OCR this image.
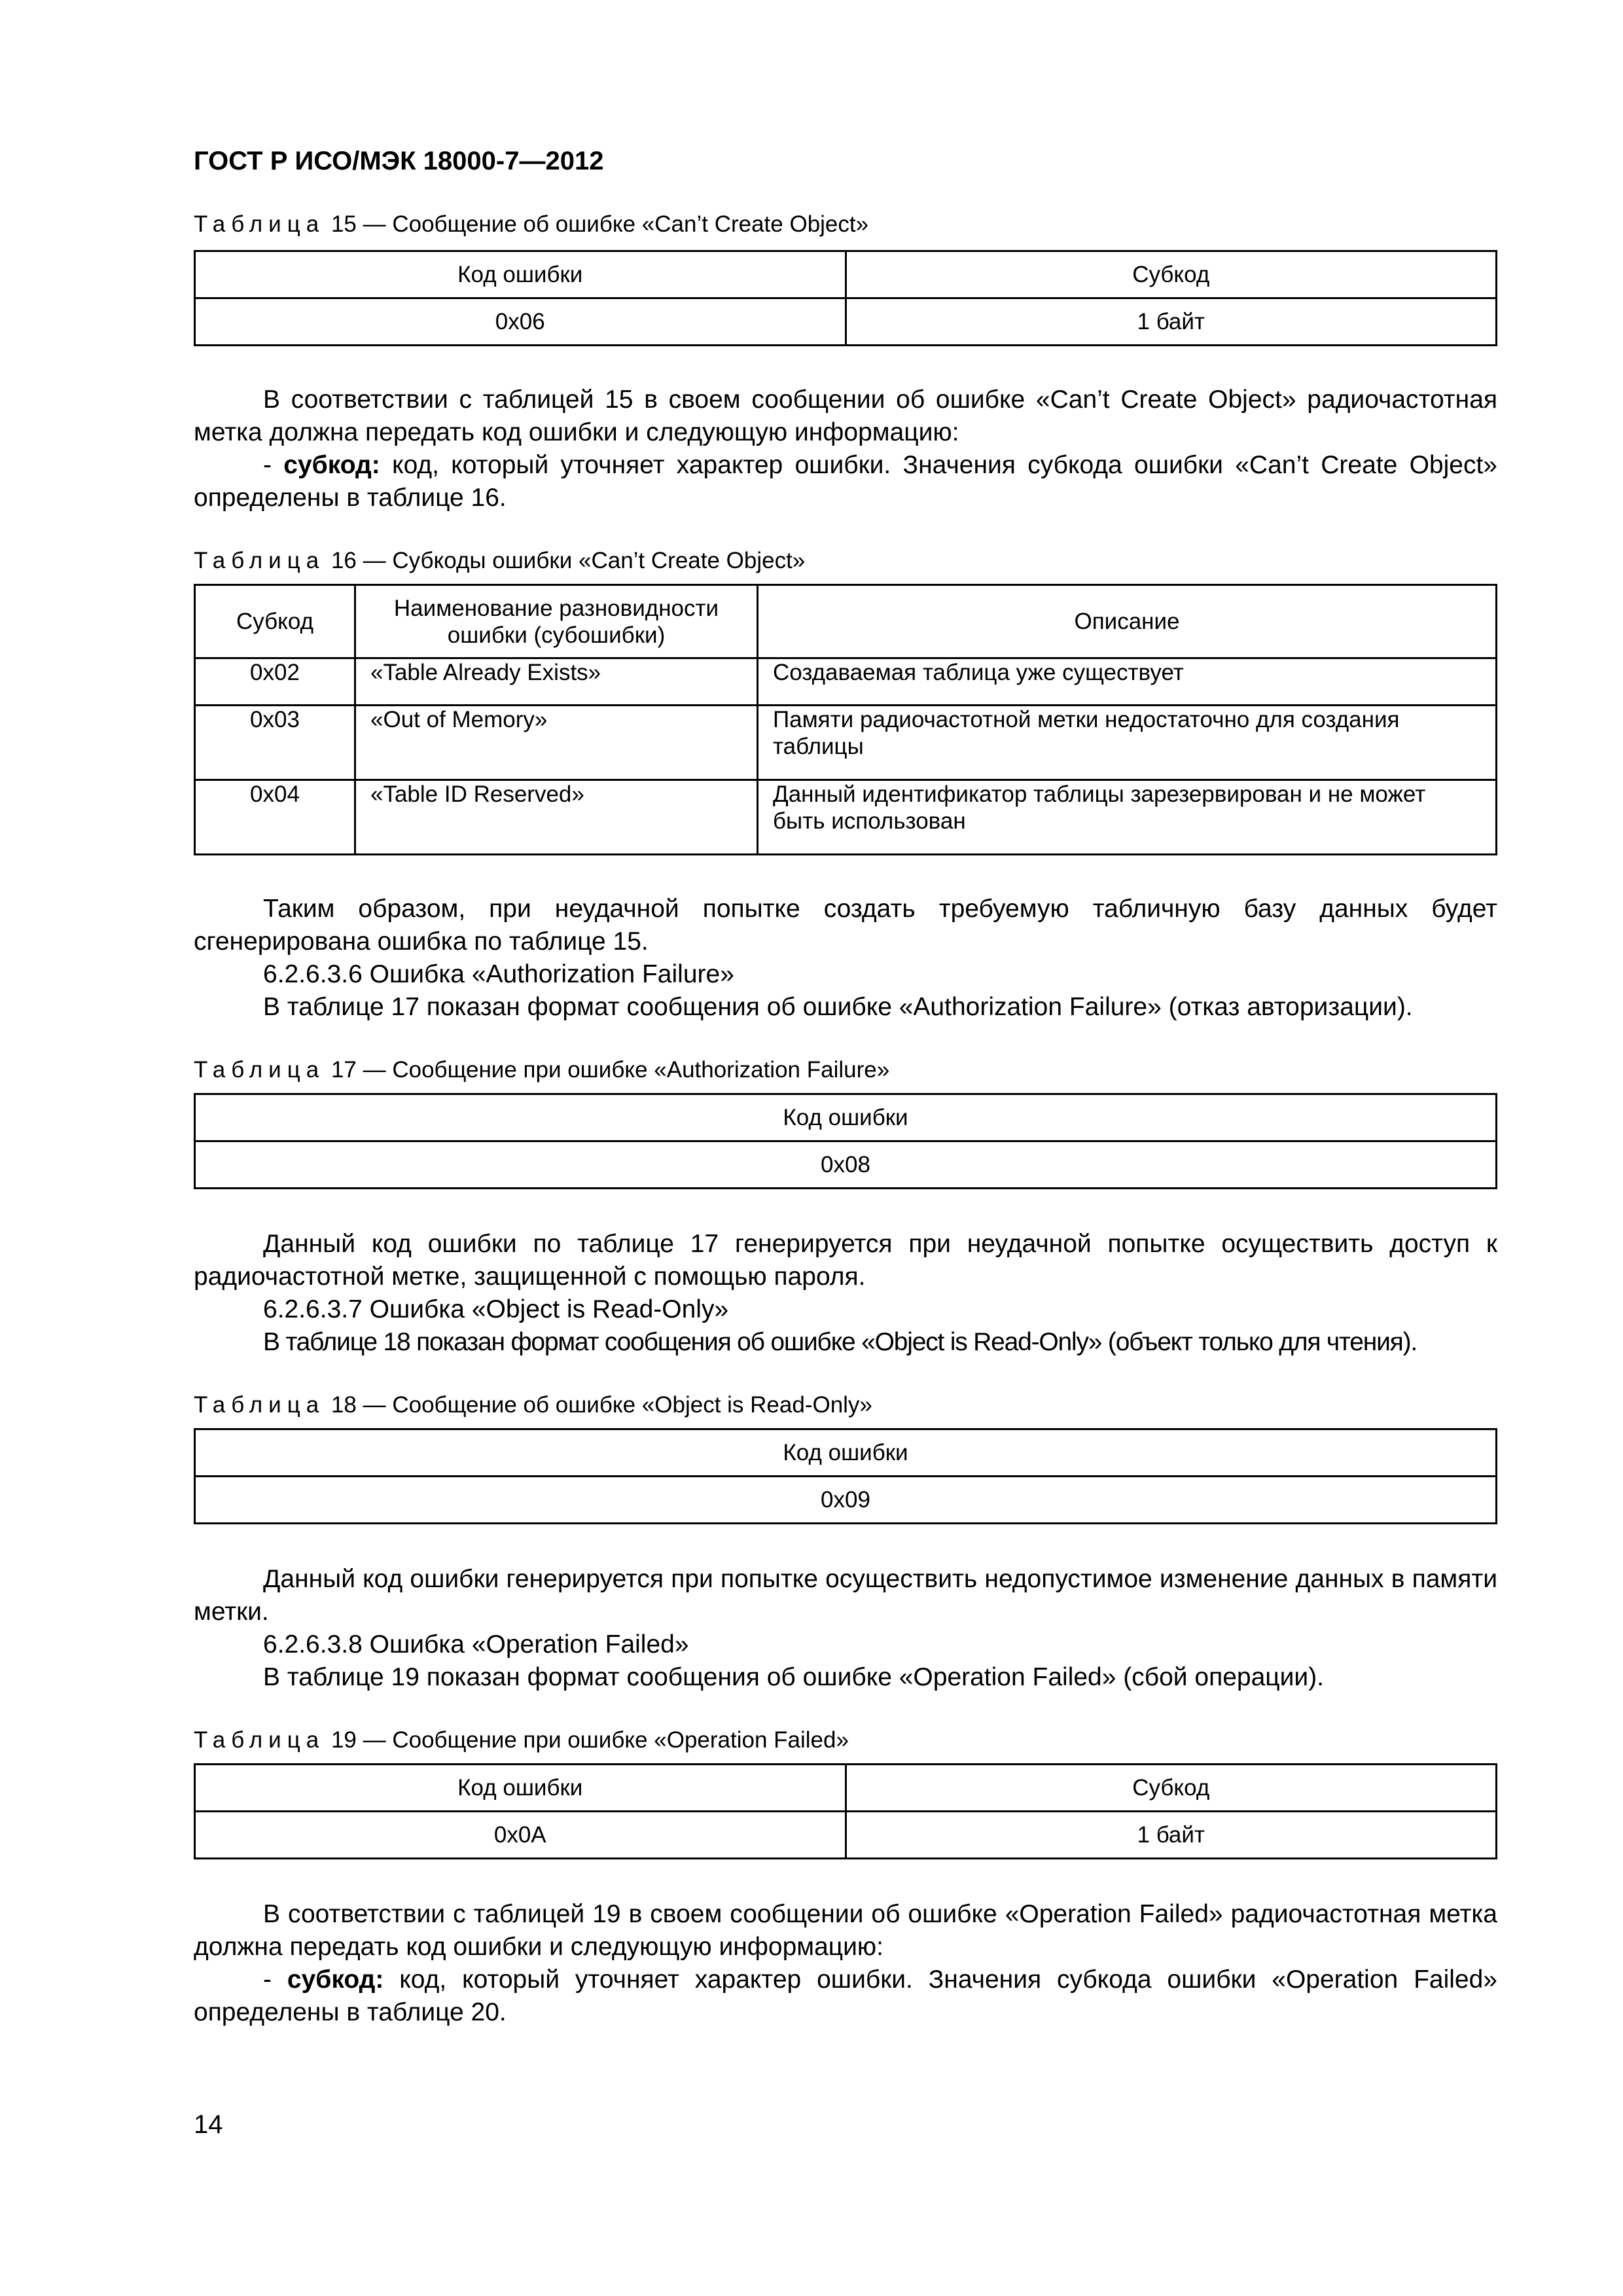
ГОСТ Р ИСО/МЭК 18000-7—2012
Таблица 15 — Сообщение об ошибке «Can’t Create Object»
Код ошибки	Субкод
0x06	1 байт

В соответствии с таблицей 15 в своем сообщении об ошибке «Can’t Create Object» радиочастотная метка должна передать код ошибки и следующую информацию:

- субкод: код, который уточняет характер ошибки. Значения субкода ошибки «Can’t Create Object» определены в таблице 16.

Таблица 16 — Субкоды ошибки «Can’t Create Object»
Субкод	Наименование разновидности ошибки (субошибки)	Описание
0x02	«Table Already Exists»	Создаваемая таблица уже существует
0x03	«Out of Memory»	Памяти радиочастотной метки недостаточно для создания таблицы
0x04	«Table ID Reserved»	Данный идентификатор таблицы зарезервирован и не может быть использован

Таким образом, при неудачной попытке создать требуемую табличную базу данных будет сгенерирована ошибка по таблице 15.

6.2.6.3.6 Ошибка «Authorization Failure»

В таблице 17 показан формат сообщения об ошибке «Authorization Failure» (отказ авторизации).

Таблица 17 — Сообщение при ошибке «Authorization Failure»
Код ошибки
0x08

Данный код ошибки по таблице 17 генерируется при неудачной попытке осуществить доступ к радиочастотной метке, защищенной с помощью пароля.

6.2.6.3.7 Ошибка «Object is Read-Only»

В таблице 18 показан формат сообщения об ошибке «Object is Read-Only» (объект только для чтения).

Таблица 18 — Сообщение об ошибке «Object is Read-Only»
Код ошибки
0x09

Данный код ошибки генерируется при попытке осуществить недопустимое изменение данных в памяти метки.

6.2.6.3.8 Ошибка «Operation Failed»

В таблице 19 показан формат сообщения об ошибке «Operation Failed» (сбой операции).

Таблица 19 — Сообщение при ошибке «Operation Failed»
Код ошибки	Субкод
0x0A	1 байт

В соответствии с таблицей 19 в своем сообщении об ошибке «Operation Failed» радиочастотная метка должна передать код ошибки и следующую информацию:

- субкод: код, который уточняет характер ошибки. Значения субкода ошибки «Operation Failed» определены в таблице 20.

14
